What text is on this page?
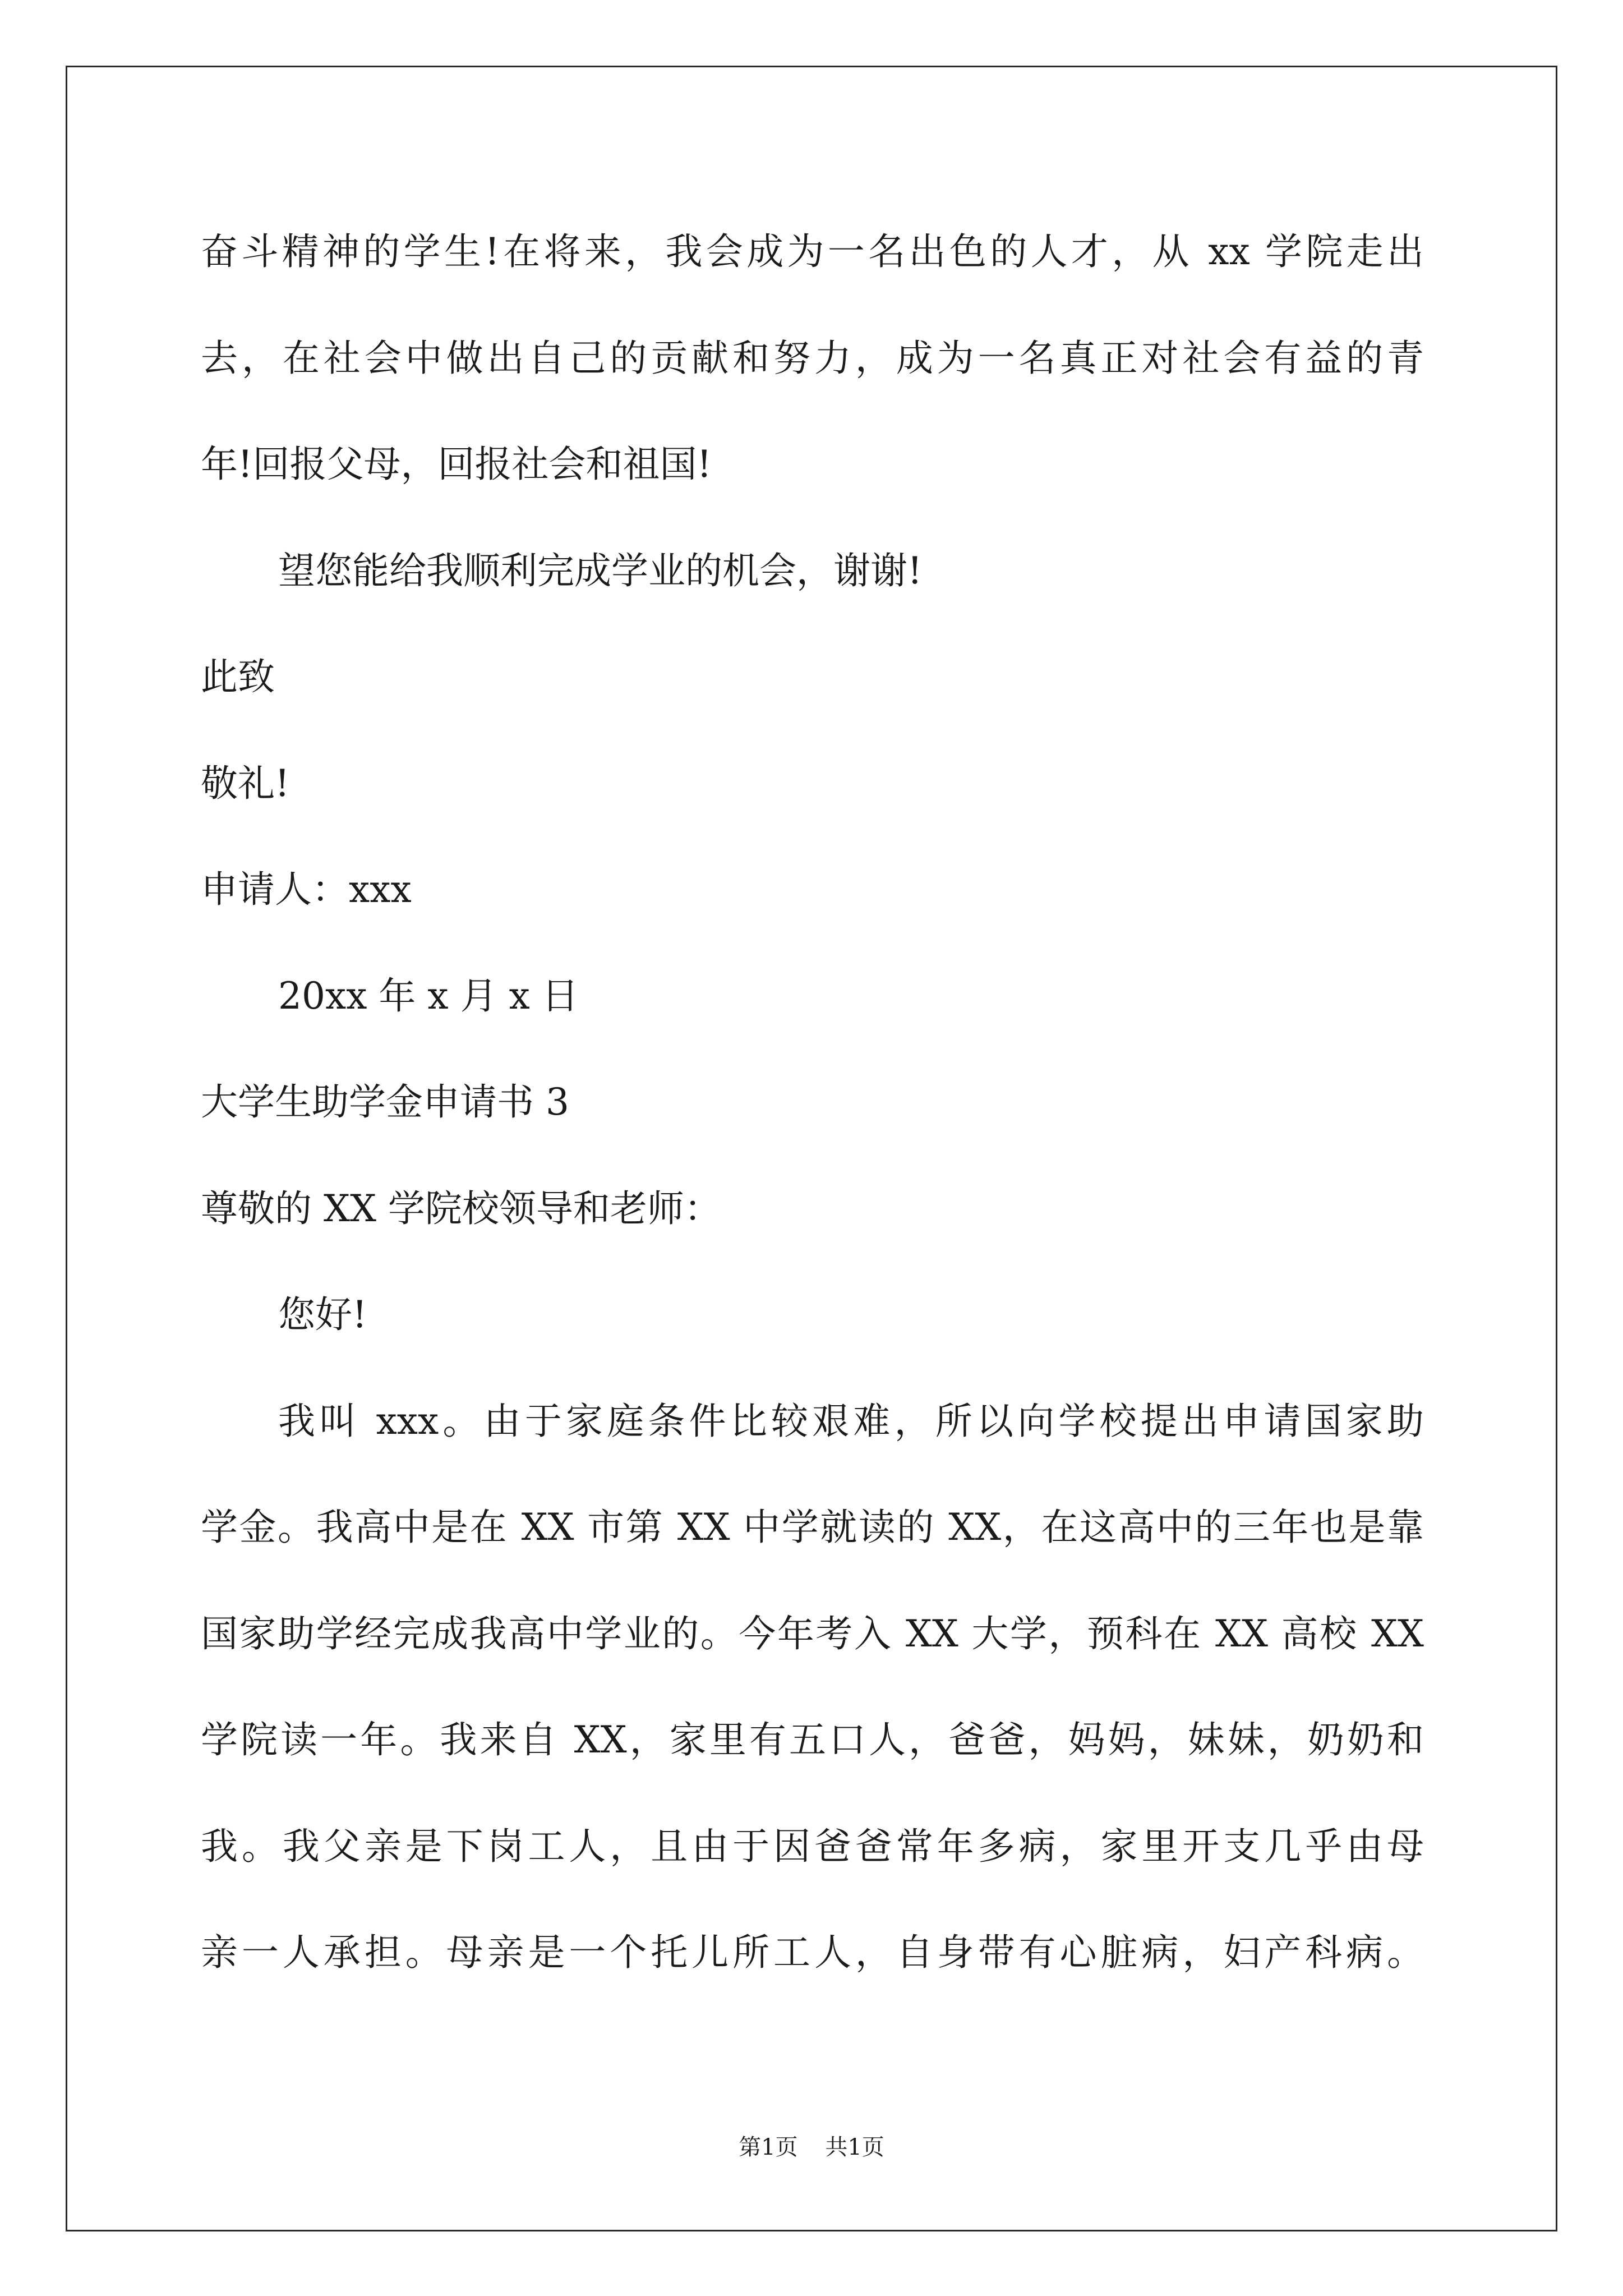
奋斗精神的学生!在将来，我会成为一名出色的人才，从 xx 学院走出
去，在社会中做出自己的贡献和努力，成为一名真正对社会有益的青
年!回报父母，回报社会和祖国!
望您能给我顺利完成学业的机会，谢谢!
此致
敬礼!
申请人：xxx
20xx 年 x 月 x 日
大学生助学金申请书 3
尊敬的 XX 学院校领导和老师：
您好!
我叫 xxx。由于家庭条件比较艰难，所以向学校提出申请国家助
学金。我高中是在 XX 市第 XX 中学就读的 XX，在这高中的三年也是靠
国家助学经完成我高中学业的。今年考入 XX 大学，预科在 XX 高校 XX
学院读一年。我来自 XX，家里有五口人，爸爸，妈妈，妹妹，奶奶和
我。我父亲是下岗工人，且由于因爸爸常年多病，家里开支几乎由母
亲一人承担。母亲是一个托儿所工人，自身带有心脏病，妇产科病。
第1页 共1页
